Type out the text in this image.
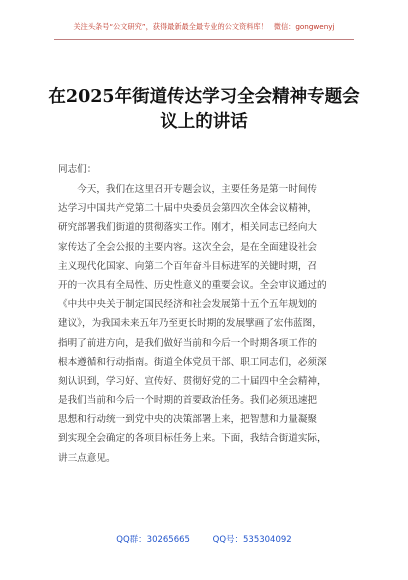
关注头条号“公文研究”，获得最新最全最专业的公文资料库！ 微信：gongwenyj
在2025年街道传达学习全会精神专题会
议上的讲话
同志们：
今天，我们在这里召开专题会议，主要任务是第一时间传
达学习中国共产党第二十届中央委员会第四次全体会议精神，
研究部署我们街道的贯彻落实工作。刚才，相关同志已经向大
家传达了全会公报的主要内容。这次全会，是在全面建设社会
主义现代化国家、向第二个百年奋斗目标进军的关键时期，召
开的一次具有全局性、历史性意义的重要会议。全会审议通过的
《中共中央关于制定国民经济和社会发展第十五个五年规划的
建议》，为我国未来五年乃至更长时期的发展擘画了宏伟蓝图，
指明了前进方向，是我们做好当前和今后一个时期各项工作的
根本遵循和行动指南。街道全体党员干部、职工同志们，必须深
刻认识到，学习好、宣传好、贯彻好党的二十届四中全会精神，
是我们当前和今后一个时期的首要政治任务。我们必须迅速把
思想和行动统一到党中央的决策部署上来，把智慧和力量凝聚
到实现全会确定的各项目标任务上来。下面，我结合街道实际，
讲三点意见。
QQ群：30265665	QQ号：535304092
